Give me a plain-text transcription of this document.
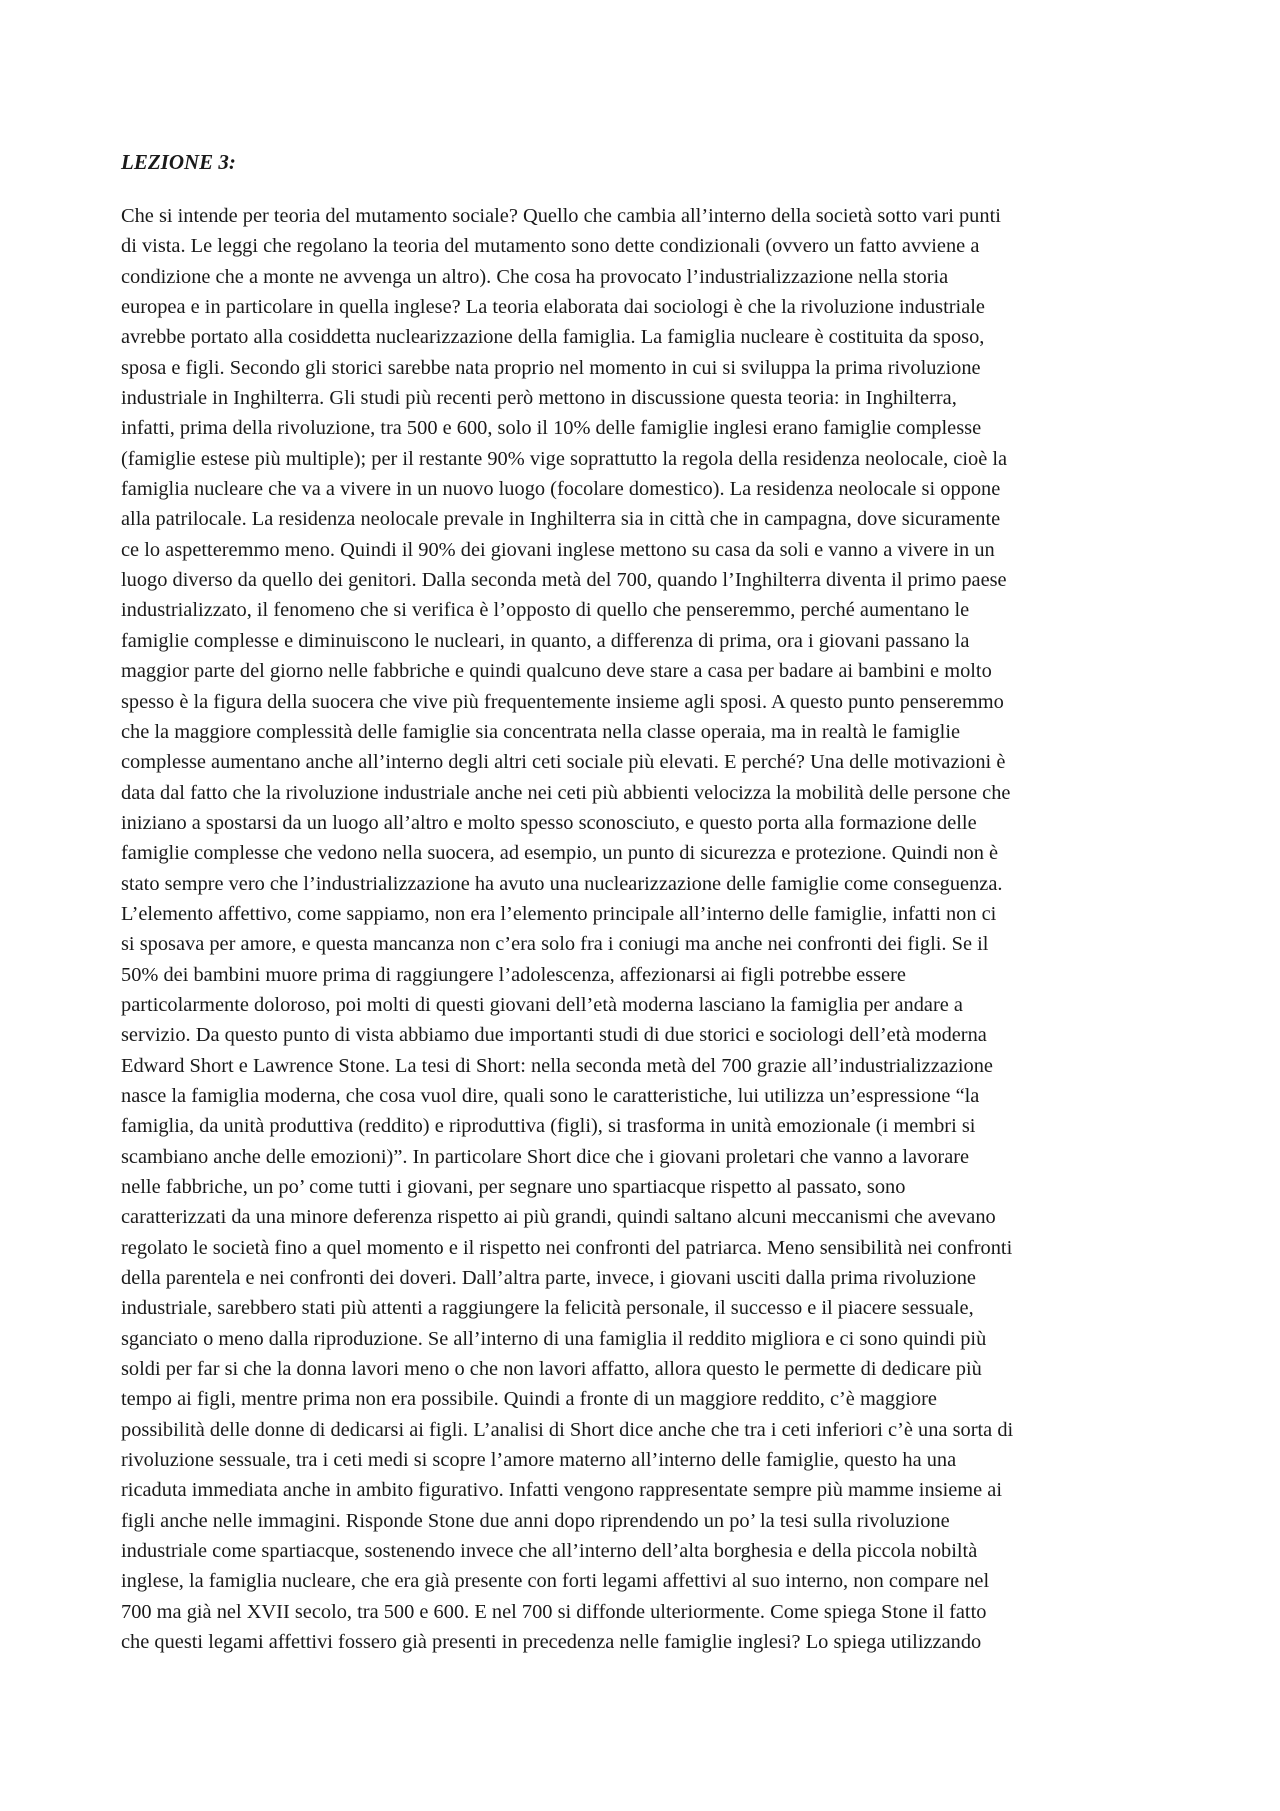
LEZIONE 3:
Che si intende per teoria del mutamento sociale? Quello che cambia all’interno della società sotto vari punti
di vista. Le leggi che regolano la teoria del mutamento sono dette condizionali (ovvero un fatto avviene a
condizione che a monte ne avvenga un altro). Che cosa ha provocato l’industrializzazione nella storia
europea e in particolare in quella inglese? La teoria elaborata dai sociologi è che la rivoluzione industriale
avrebbe portato alla cosiddetta nuclearizzazione della famiglia. La famiglia nucleare è costituita da sposo,
sposa e figli. Secondo gli storici sarebbe nata proprio nel momento in cui si sviluppa la prima rivoluzione
industriale in Inghilterra. Gli studi più recenti però mettono in discussione questa teoria: in Inghilterra,
infatti, prima della rivoluzione, tra 500 e 600, solo il 10% delle famiglie inglesi erano famiglie complesse
(famiglie estese più multiple); per il restante 90% vige soprattutto la regola della residenza neolocale, cioè la
famiglia nucleare che va a vivere in un nuovo luogo (focolare domestico). La residenza neolocale si oppone
alla patrilocale. La residenza neolocale prevale in Inghilterra sia in città che in campagna, dove sicuramente
ce lo aspetteremmo meno. Quindi il 90% dei giovani inglese mettono su casa da soli e vanno a vivere in un
luogo diverso da quello dei genitori. Dalla seconda metà del 700, quando l’Inghilterra diventa il primo paese
industrializzato, il fenomeno che si verifica è l’opposto di quello che penseremmo, perché aumentano le
famiglie complesse e diminuiscono le nucleari, in quanto, a differenza di prima, ora i giovani passano la
maggior parte del giorno nelle fabbriche e quindi qualcuno deve stare a casa per badare ai bambini e molto
spesso è la figura della suocera che vive più frequentemente insieme agli sposi. A questo punto penseremmo
che la maggiore complessità delle famiglie sia concentrata nella classe operaia, ma in realtà le famiglie
complesse aumentano anche all’interno degli altri ceti sociale più elevati. E perché? Una delle motivazioni è
data dal fatto che la rivoluzione industriale anche nei ceti più abbienti velocizza la mobilità delle persone che
iniziano a spostarsi da un luogo all’altro e molto spesso sconosciuto, e questo porta alla formazione delle
famiglie complesse che vedono nella suocera, ad esempio, un punto di sicurezza e protezione. Quindi non è
stato sempre vero che l’industrializzazione ha avuto una nuclearizzazione delle famiglie come conseguenza.
L’elemento affettivo, come sappiamo, non era l’elemento principale all’interno delle famiglie, infatti non ci
si sposava per amore, e questa mancanza non c’era solo fra i coniugi ma anche nei confronti dei figli. Se il
50% dei bambini muore prima di raggiungere l’adolescenza, affezionarsi ai figli potrebbe essere
particolarmente doloroso, poi molti di questi giovani dell’età moderna lasciano la famiglia per andare a
servizio. Da questo punto di vista abbiamo due importanti studi di due storici e sociologi dell’età moderna
Edward Short e Lawrence Stone. La tesi di Short: nella seconda metà del 700 grazie all’industrializzazione
nasce la famiglia moderna, che cosa vuol dire, quali sono le caratteristiche, lui utilizza un’espressione “la
famiglia, da unità produttiva (reddito) e riproduttiva (figli), si trasforma in unità emozionale (i membri si
scambiano anche delle emozioni)”. In particolare Short dice che i giovani proletari che vanno a lavorare
nelle fabbriche, un po’ come tutti i giovani, per segnare uno spartiacque rispetto al passato, sono
caratterizzati da una minore deferenza rispetto ai più grandi, quindi saltano alcuni meccanismi che avevano
regolato le società fino a quel momento e il rispetto nei confronti del patriarca. Meno sensibilità nei confronti
della parentela e nei confronti dei doveri. Dall’altra parte, invece, i giovani usciti dalla prima rivoluzione
industriale, sarebbero stati più attenti a raggiungere la felicità personale, il successo e il piacere sessuale,
sganciato o meno dalla riproduzione. Se all’interno di una famiglia il reddito migliora e ci sono quindi più
soldi per far si che la donna lavori meno o che non lavori affatto, allora questo le permette di dedicare più
tempo ai figli, mentre prima non era possibile. Quindi a fronte di un maggiore reddito, c’è maggiore
possibilità delle donne di dedicarsi ai figli. L’analisi di Short dice anche che tra i ceti inferiori c’è una sorta di
rivoluzione sessuale, tra i ceti medi si scopre l’amore materno all’interno delle famiglie, questo ha una
ricaduta immediata anche in ambito figurativo. Infatti vengono rappresentate sempre più mamme insieme ai
figli anche nelle immagini. Risponde Stone due anni dopo riprendendo un po’ la tesi sulla rivoluzione
industriale come spartiacque, sostenendo invece che all’interno dell’alta borghesia e della piccola nobiltà
inglese, la famiglia nucleare, che era già presente con forti legami affettivi al suo interno, non compare nel
700 ma già nel XVII secolo, tra 500 e 600. E nel 700 si diffonde ulteriormente. Come spiega Stone il fatto
che questi legami affettivi fossero già presenti in precedenza nelle famiglie inglesi? Lo spiega utilizzando
